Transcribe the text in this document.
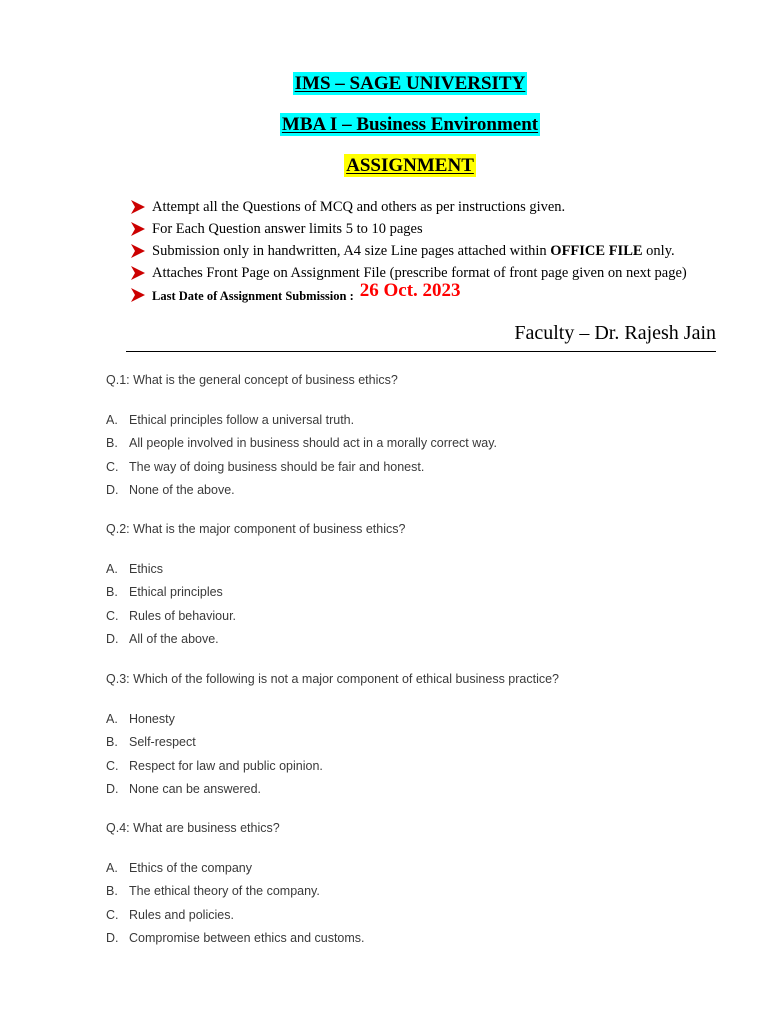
IMS – SAGE UNIVERSITY
MBA I – Business Environment
ASSIGNMENT
Attempt all the Questions of MCQ and others as per instructions given.
For Each Question answer limits 5 to 10 pages
Submission only in handwritten, A4 size Line pages attached within OFFICE FILE only.
Attaches Front Page on Assignment File (prescribe format of front page given on next page)
Last Date of Assignment Submission : 26 Oct. 2023
Faculty – Dr. Rajesh Jain
Q.1: What is the general concept of business ethics?
A. Ethical principles follow a universal truth.
B. All people involved in business should act in a morally correct way.
C. The way of doing business should be fair and honest.
D. None of the above.
Q.2: What is the major component of business ethics?
A. Ethics
B. Ethical principles
C. Rules of behaviour.
D. All of the above.
Q.3: Which of the following is not a major component of ethical business practice?
A. Honesty
B. Self-respect
C. Respect for law and public opinion.
D. None can be answered.
Q.4: What are business ethics?
A. Ethics of the company
B. The ethical theory of the company.
C. Rules and policies.
D. Compromise between ethics and customs.
